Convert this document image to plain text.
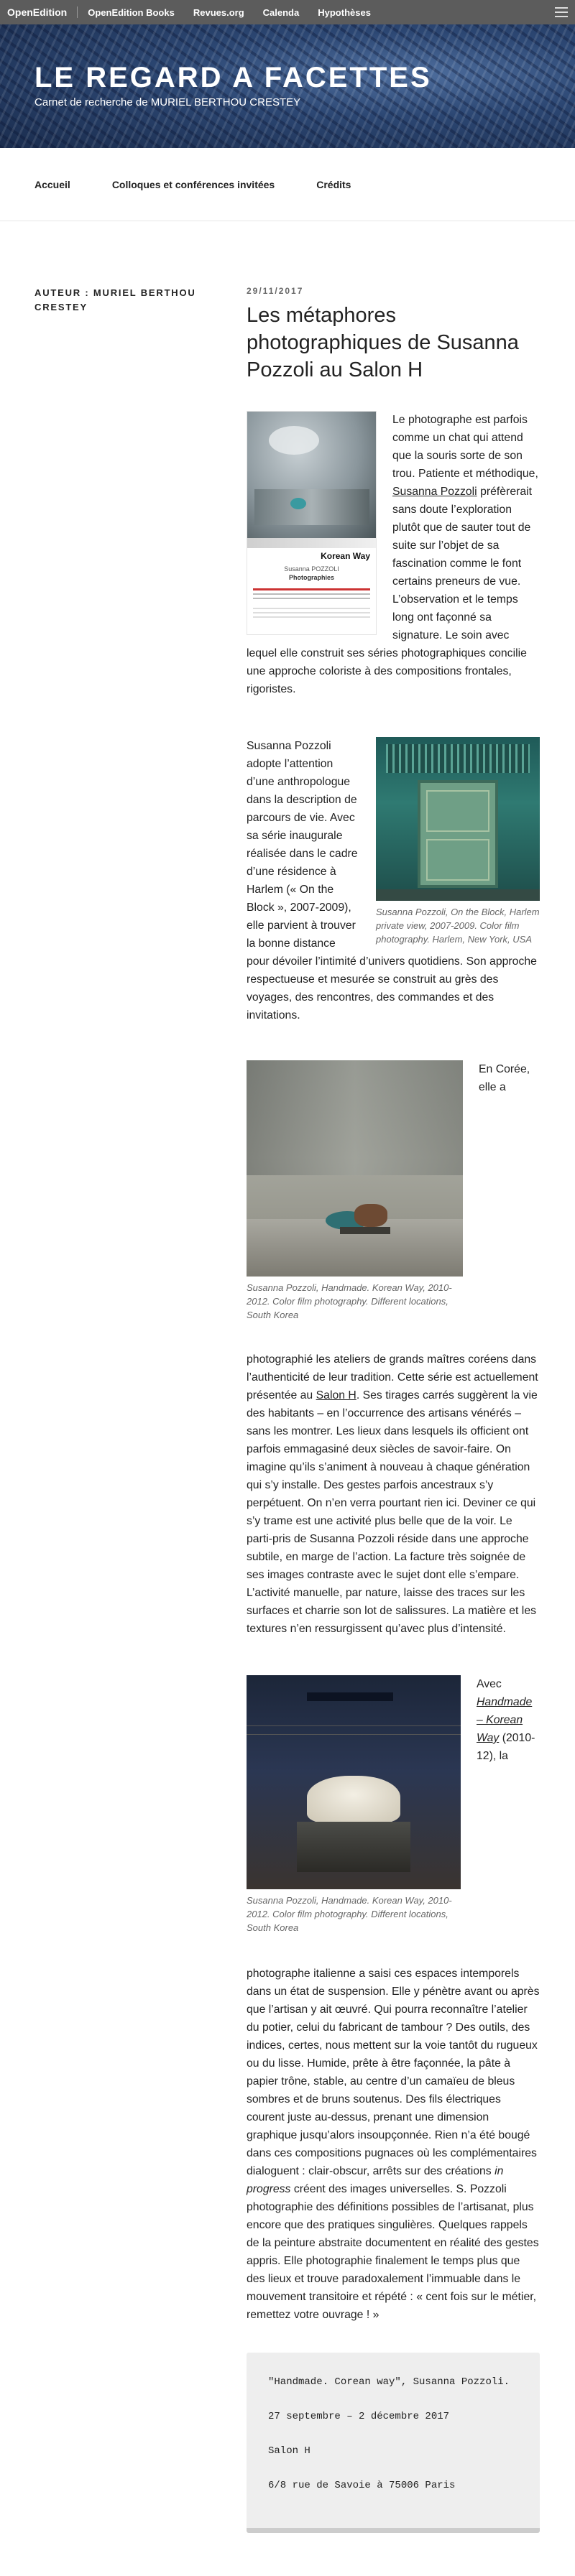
OpenEdition OpenEdition Books Revues.org Calenda Hypothèses
LE REGARD A FACETTES
Carnet de recherche de MURIEL BERTHOU CRESTEY
Accueil	Colloques et conférences invitées	Crédits
AUTEUR : MURIEL BERTHOU CRESTEY
29/11/2017
Les métaphores photographiques de Susanna Pozzoli au Salon H
Korean Way
Susanna POZZOLI
Photographies

Le photographe est parfois comme un chat qui attend que la souris sorte de son trou. Patiente et méthodique, Susanna Pozzoli préfèrerait sans doute l’exploration plutôt que de sauter tout de suite sur l’objet de sa fascination comme le font certains preneurs de vue. L’observation et le temps long ont façonné sa signature. Le soin avec lequel elle construit ses séries photographiques concilie une approche coloriste à des compositions frontales, rigoristes.

Susanna Pozzoli, On the Block, Harlem private view, 2007-2009. Color film photography. Harlem, New York, USA

Susanna Pozzoli adopte l’attention d’une anthropologue dans la description de parcours de vie. Avec sa série inaugurale réalisée dans le cadre d’une résidence à Harlem (« On the Block », 2007-2009), elle parvient à trouver la bonne distance pour dévoiler l’intimité d’univers quotidiens. Son approche respectueuse et mesurée se construit au grès des voyages, des rencontres, des commandes et des invitations.

Susanna Pozzoli, Handmade. Korean Way, 2010-2012. Color film photography. Different locations, South Korea

En Corée, elle a

photographié les ateliers de grands maîtres coréens dans l’authenticité de leur tradition. Cette série est actuellement présentée au Salon H. Ses tirages carrés suggèrent la vie des habitants – en l’occurrence des artisans vénérés – sans les montrer. Les lieux dans lesquels ils officient ont parfois emmagasiné deux siècles de savoir-faire. On imagine qu’ils s’animent à nouveau à chaque génération qui s’y installe. Des gestes parfois ancestraux s’y perpétuent. On n’en verra pourtant rien ici. Deviner ce qui s’y trame est une activité plus belle que de la voir. Le parti-pris de Susanna Pozzoli réside dans une approche subtile, en marge de l’action. La facture très soignée de ses images contraste avec le sujet dont elle s’empare. L’activité manuelle, par nature, laisse des traces sur les surfaces et charrie son lot de salissures. La matière et les textures n’en ressurgissent qu’avec plus d’intensité.

Susanna Pozzoli, Handmade. Korean Way, 2010-2012. Color film photography. Different locations, South Korea

Avec Handmade – Korean Way (2010-12), la

photographe italienne a saisi ces espaces intemporels dans un état de suspension. Elle y pénètre avant ou après que l’artisan y ait œuvré. Qui pourra reconnaître l’atelier du potier, celui du fabricant de tambour ? Des outils, des indices, certes, nous mettent sur la voie tantôt du rugueux ou du lisse. Humide, prête à être façonnée, la pâte à papier trône, stable, au centre d’un camaïeu de bleus sombres et de bruns soutenus. Des fils électriques courent juste au-dessus, prenant une dimension graphique jusqu’alors insoupçonnée. Rien n’a été bougé dans ces compositions pugnaces où les complémentaires dialoguent : clair-obscur, arrêts sur des créations in progress créent des images universelles. S. Pozzoli photographie des définitions possibles de l’artisanat, plus encore que des pratiques singulières. Quelques rappels de la peinture abstraite documentent en réalité des gestes appris. Elle photographie finalement le temps plus que des lieux et trouve paradoxalement l’immuable dans le mouvement transitoire et répété : « cent fois sur le métier, remettez votre ouvrage ! »

"Handmade. Corean way", Susanna Pozzoli.
27 septembre – 2 décembre 2017
Salon H
6/8 rue de Savoie à 75006 Paris
